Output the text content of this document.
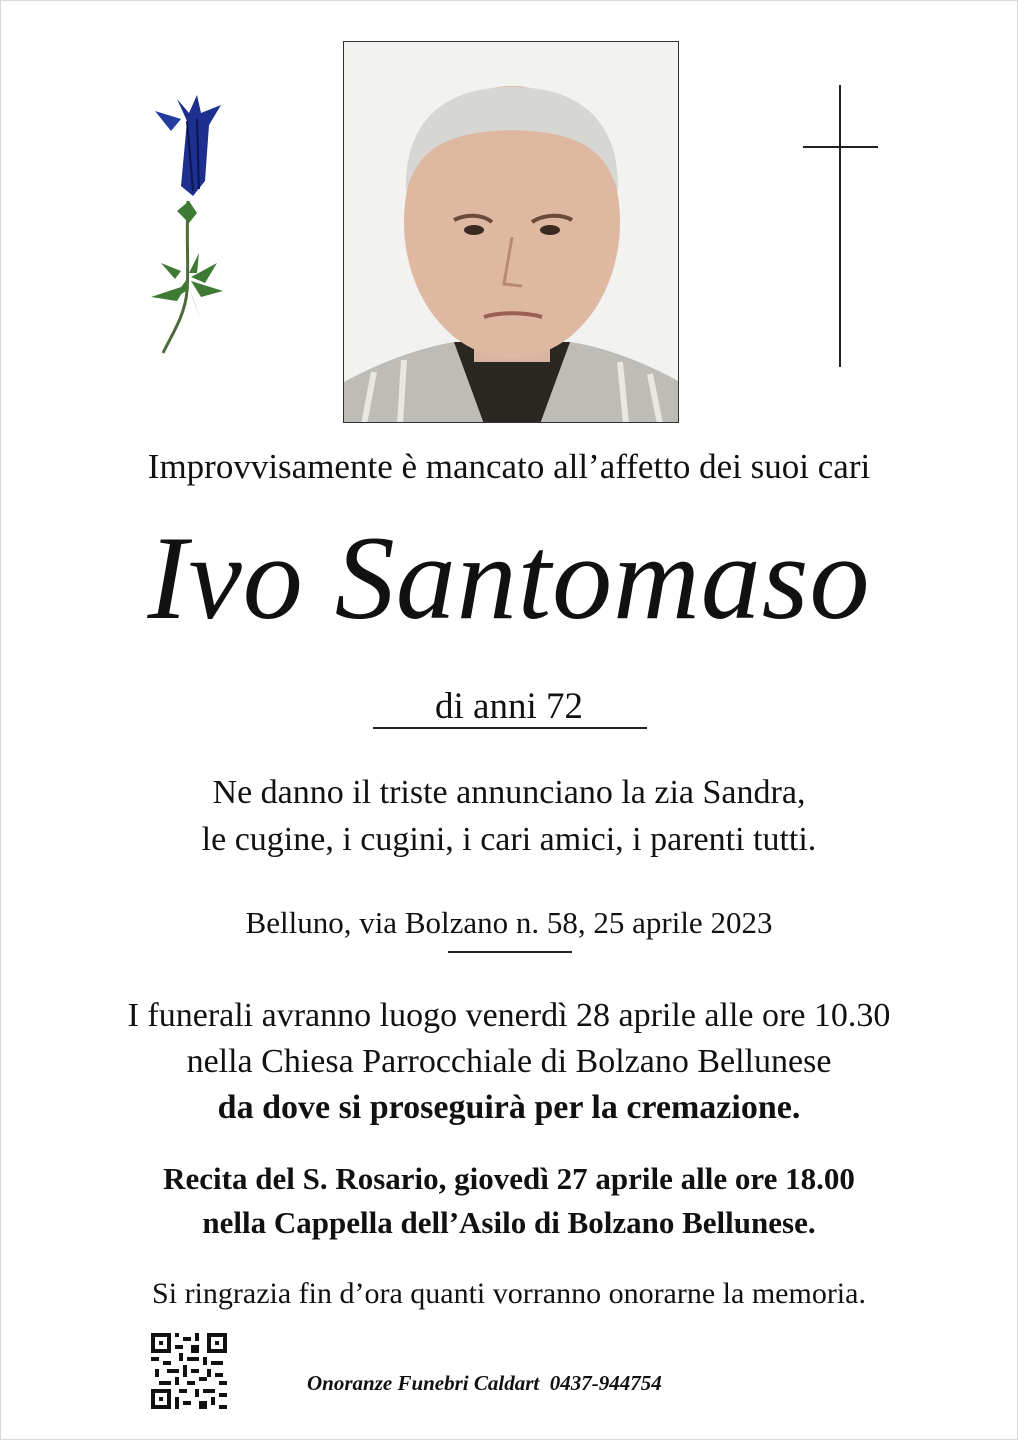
Improvvisamente è mancato all’affetto dei suoi cari
Ivo Santomaso
di anni 72
Ne danno il triste annunciano la zia Sandra,
le cugine, i cugini, i cari amici, i parenti tutti.
Belluno, via Bolzano n. 58, 25 aprile 2023
I funerali avranno luogo venerdì 28 aprile alle ore 10.30
nella Chiesa Parrocchiale di Bolzano Bellunese
da dove si proseguirà per la cremazione.
Recita del S. Rosario, giovedì 27 aprile alle ore 18.00
nella Cappella dell’Asilo di Bolzano Bellunese.
Si ringrazia fin d’ora quanti vorranno onorarne la memoria.
Onoranze Funebri Caldart  0437-944754
